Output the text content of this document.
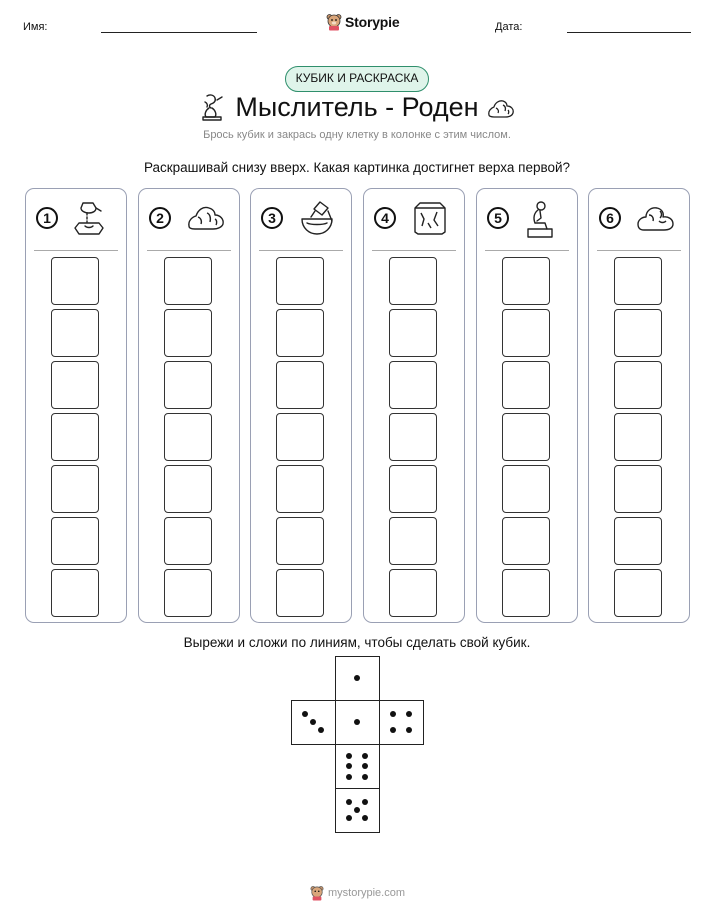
Имя:	Storypie	Дата:
КУБИК И РАСКРАСКА
Мыслитель - Роден
Брось кубик и закрась одну клетку в колонке с этим числом.
Раскрашивай снизу вверх. Какая картинка достигнет верха первой?
1	2	3	4	5	6
Вырежи и сложи по линиям, чтобы сделать свой кубик.
mystorypie.com
